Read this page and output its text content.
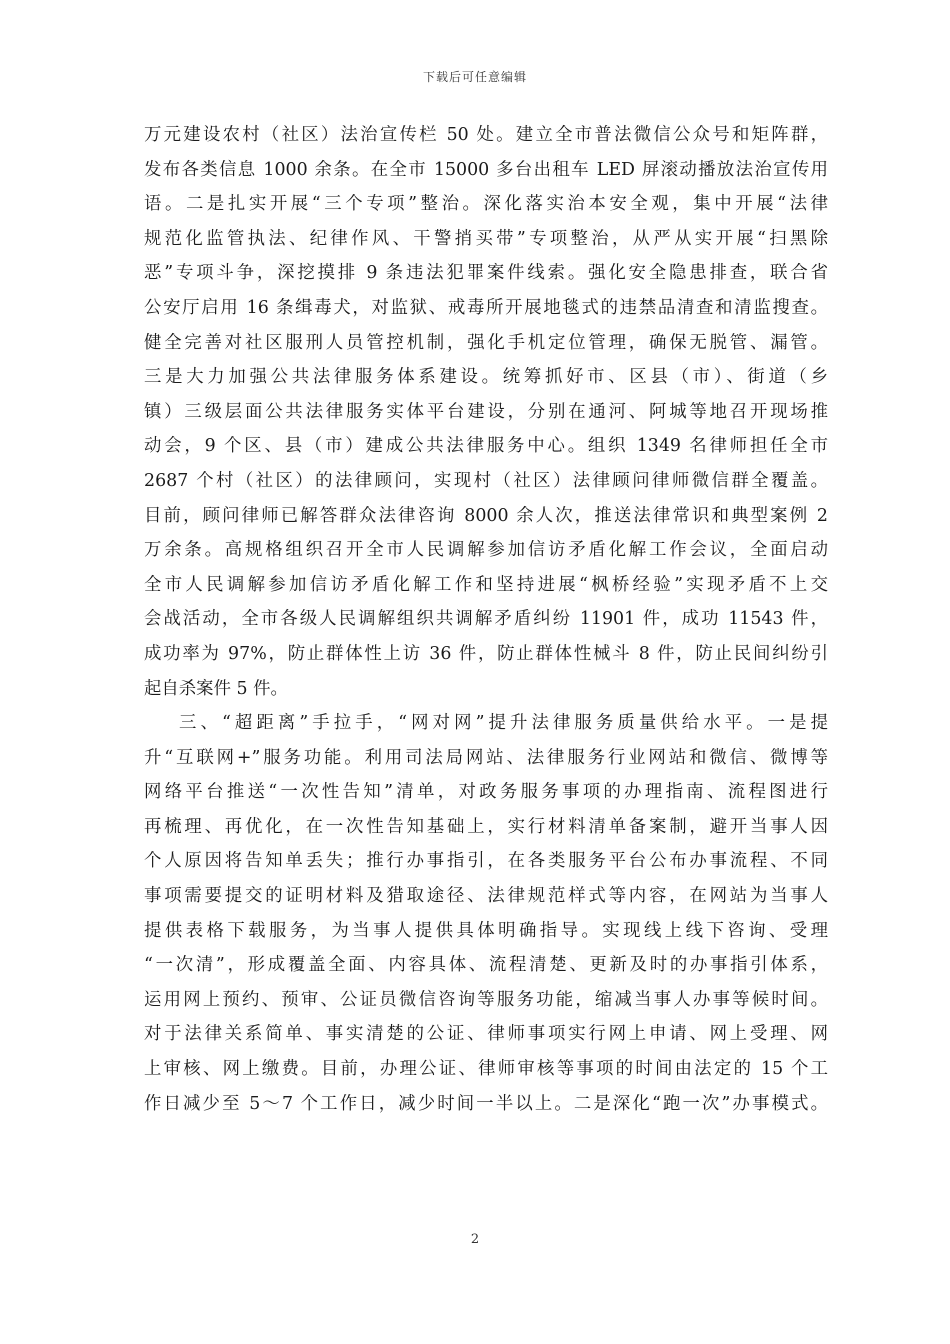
下载后可任意编辑
万元建设农村（社区）法治宣传栏 50 处。建立全市普法微信公众号和矩阵群，
发布各类信息 1000 余条。在全市 15000 多台出租车 LED 屏滚动播放法治宣传用
语。二是扎实开展“三个专项”整治。深化落实治本安全观，集中开展“法律
规范化监管执法、纪律作风、干警捎买带”专项整治，从严从实开展“扫黑除
恶”专项斗争，深挖摸排 9 条违法犯罪案件线索。强化安全隐患排查，联合省
公安厅启用 16 条缉毒犬，对监狱、戒毒所开展地毯式的违禁品清查和清监搜查。
健全完善对社区服刑人员管控机制，强化手机定位管理，确保无脱管、漏管。
三是大力加强公共法律服务体系建设。统筹抓好市、区县（市）、街道（乡
镇）三级层面公共法律服务实体平台建设，分别在通河、阿城等地召开现场推
动会，9 个区、县（市）建成公共法律服务中心。组织 1349 名律师担任全市
2687 个村（社区）的法律顾问，实现村（社区）法律顾问律师微信群全覆盖。
目前，顾问律师已解答群众法律咨询 8000 余人次，推送法律常识和典型案例 2
万余条。高规格组织召开全市人民调解参加信访矛盾化解工作会议，全面启动
全市人民调解参加信访矛盾化解工作和坚持进展“枫桥经验”实现矛盾不上交
会战活动，全市各级人民调解组织共调解矛盾纠纷 11901 件，成功 11543 件，
成功率为 97%，防止群体性上访 36 件，防止群体性械斗 8 件，防止民间纠纷引
起自杀案件 5 件。
三、“超距离”手拉手，“网对网”提升法律服务质量供给水平。一是提
升“互联网+”服务功能。利用司法局网站、法律服务行业网站和微信、微博等
网络平台推送“一次性告知”清单，对政务服务事项的办理指南、流程图进行
再梳理、再优化，在一次性告知基础上，实行材料清单备案制，避开当事人因
个人原因将告知单丢失；推行办事指引，在各类服务平台公布办事流程、不同
事项需要提交的证明材料及猎取途径、法律规范样式等内容，在网站为当事人
提供表格下载服务，为当事人提供具体明确指导。实现线上线下咨询、受理
“一次清”，形成覆盖全面、内容具体、流程清楚、更新及时的办事指引体系，
运用网上预约、预审、公证员微信咨询等服务功能，缩减当事人办事等候时间。
对于法律关系简单、事实清楚的公证、律师事项实行网上申请、网上受理、网
上审核、网上缴费。目前，办理公证、律师审核等事项的时间由法定的 15 个工
作日减少至 5～7 个工作日，减少时间一半以上。二是深化“跑一次”办事模式。
2
